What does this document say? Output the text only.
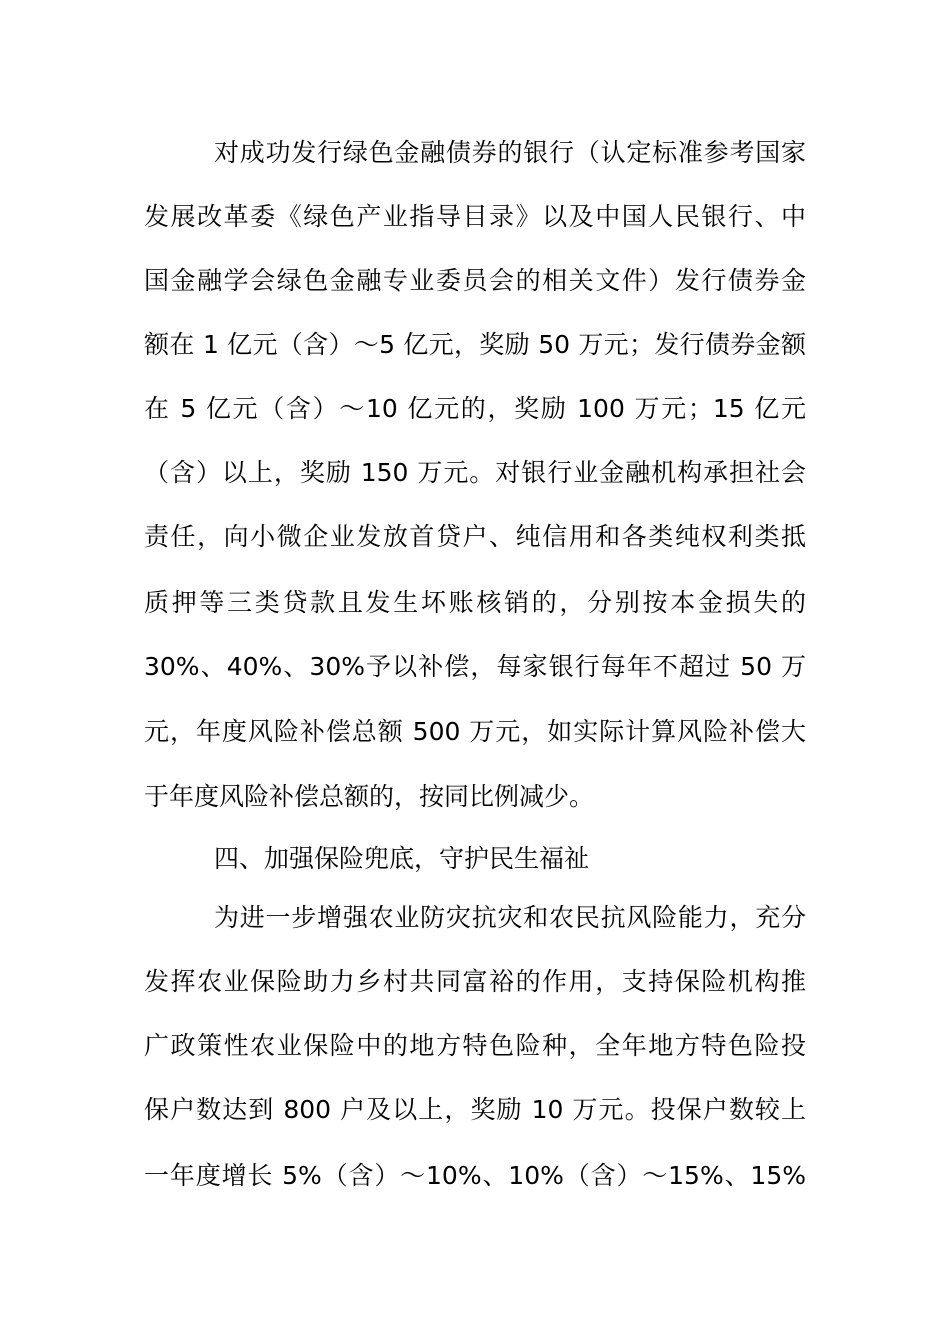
对成功发行绿色金融债券的银行（认定标准参考国家
发展改革委《绿色产业指导目录》以及中国人民银行、中
国金融学会绿色金融专业委员会的相关文件）发行债券金
额在 1 亿元（含）～5 亿元，奖励 50 万元；发行债券金额
在 5 亿元（含）～10 亿元的，奖励 100 万元；15 亿元
（含）以上，奖励 150 万元。对银行业金融机构承担社会
责任，向小微企业发放首贷户、纯信用和各类纯权利类抵
质押等三类贷款且发生坏账核销的，分别按本金损失的
30%、40%、30%予以补偿，每家银行每年不超过 50 万
元，年度风险补偿总额 500 万元，如实际计算风险补偿大
于年度风险补偿总额的，按同比例减少。
四、加强保险兜底，守护民生福祉
为进一步增强农业防灾抗灾和农民抗风险能力，充分
发挥农业保险助力乡村共同富裕的作用，支持保险机构推
广政策性农业保险中的地方特色险种，全年地方特色险投
保户数达到 800 户及以上，奖励 10 万元。投保户数较上
一年度增长 5%（含）～10%、10%（含）～15%、15%
